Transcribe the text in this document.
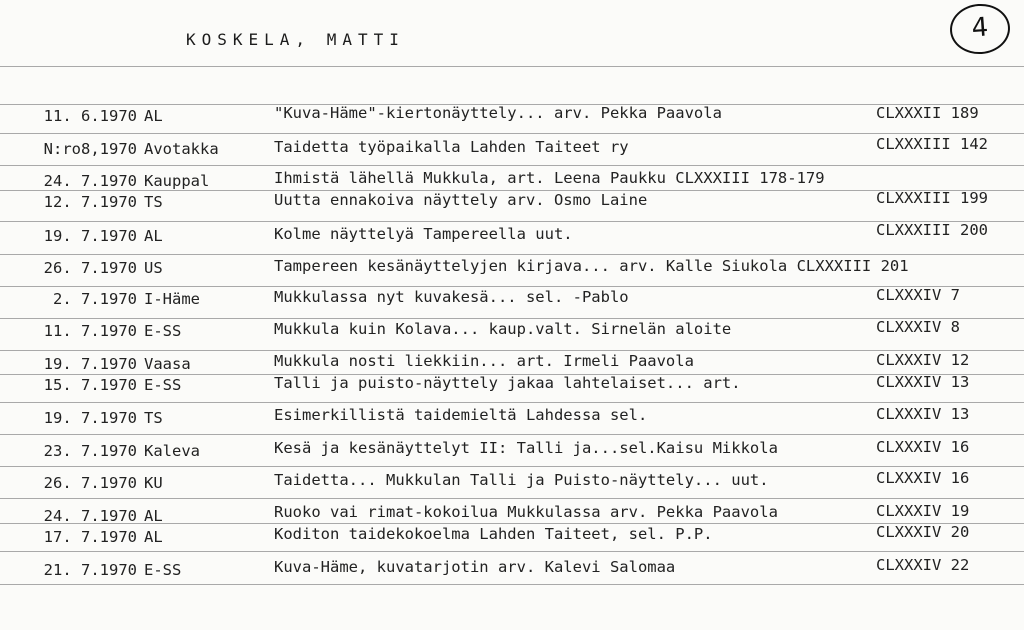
KOSKELA, MATTI	4
11. 6.1970 AL	"Kuva-Häme"-kiertonäyttely... arv. Pekka Paavola	CLXXXII 189
N:ro8,1970 Avotakka	Taidetta työpaikalla Lahden Taiteet ry	CLXXXIII 142
24. 7.1970 Kauppal	Ihmistä lähellä Mukkula, art. Leena Paukku CLXXXIII 178-179
12. 7.1970 TS	Uutta ennakoiva näyttely arv. Osmo Laine	CLXXXIII 199
19. 7.1970 AL	Kolme näyttelyä Tampereella uut.	CLXXXIII 200
26. 7.1970 US	Tampereen kesänäyttelyjen kirjava... arv. Kalle Siukola CLXXXIII 201
2. 7.1970 I-Häme	Mukkulassa nyt kuvakesä... sel. -Pablo	CLXXXIV 7
11. 7.1970 E-SS	Mukkula kuin Kolava... kaup.valt. Sirnelän aloite	CLXXXIV 8
19. 7.1970 Vaasa	Mukkula nosti liekkiin... art. Irmeli Paavola	CLXXXIV 12
15. 7.1970 E-SS	Talli ja puisto-näyttely jakaa lahtelaiset... art.	CLXXXIV 13
19. 7.1970 TS	Esimerkillistä taidemieltä Lahdessa sel.	CLXXXIV 13
23. 7.1970 Kaleva	Kesä ja kesänäyttelyt II: Talli ja...sel.Kaisu Mikkola	CLXXXIV 16
26. 7.1970 KU	Taidetta... Mukkulan Talli ja Puisto-näyttely... uut.	CLXXXIV 16
24. 7.1970 AL	Ruoko vai rimat-kokoilua Mukkulassa arv. Pekka Paavola	CLXXXIV 19
17. 7.1970 AL	Koditon taidekokoelma Lahden Taiteet, sel. P.P.	CLXXXIV 20
21. 7.1970 E-SS	Kuva-Häme, kuvatarjotin arv. Kalevi Salomaa	CLXXXIV 22
